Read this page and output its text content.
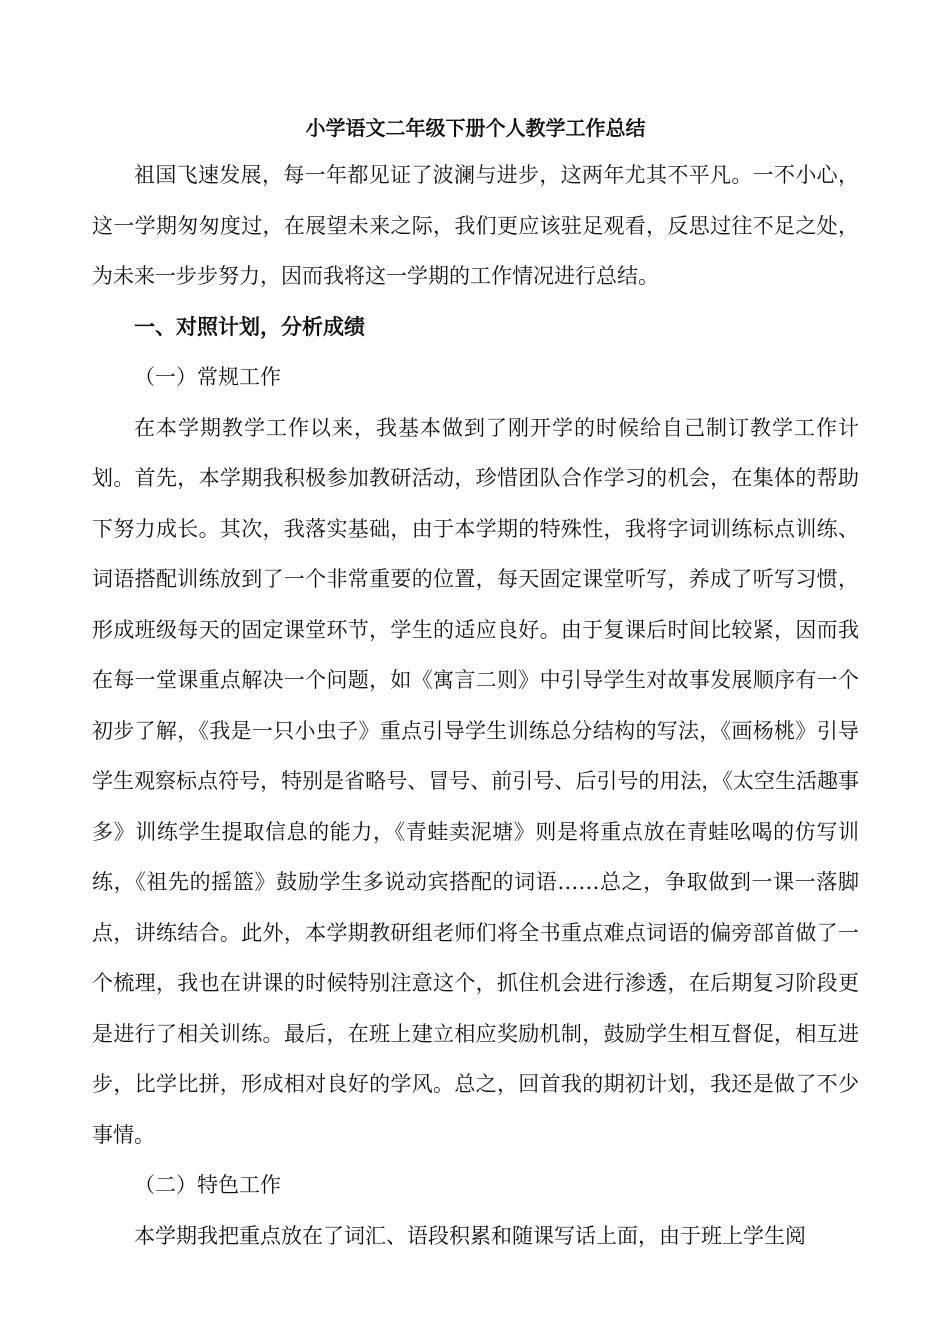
小学语文二年级下册个人教学工作总结

祖国飞速发展，每一年都见证了波澜与进步，这两年尤其不平凡。一不小心，这一学期匆匆度过，在展望未来之际，我们更应该驻足观看，反思过往不足之处，为未来一步步努力，因而我将这一学期的工作情况进行总结。

一、对照计划，分析成绩

（一）常规工作

在本学期教学工作以来，我基本做到了刚开学的时候给自己制订教学工作计划。首先，本学期我积极参加教研活动，珍惜团队合作学习的机会，在集体的帮助下努力成长。其次，我落实基础，由于本学期的特殊性，我将字词训练标点训练、词语搭配训练放到了一个非常重要的位置，每天固定课堂听写，养成了听写习惯，形成班级每天的固定课堂环节，学生的适应良好。由于复课后时间比较紧，因而我在每一堂课重点解决一个问题，如《寓言二则》中引导学生对故事发展顺序有一个初步了解，《我是一只小虫子》重点引导学生训练总分结构的写法，《画杨桃》引导学生观察标点符号，特别是省略号、冒号、前引号、后引号的用法，《太空生活趣事多》训练学生提取信息的能力，《青蛙卖泥塘》则是将重点放在青蛙吆喝的仿写训练，《祖先的摇篮》鼓励学生多说动宾搭配的词语……总之，争取做到一课一落脚点，讲练结合。此外，本学期教研组老师们将全书重点难点词语的偏旁部首做了一个梳理，我也在讲课的时候特别注意这个，抓住机会进行渗透，在后期复习阶段更是进行了相关训练。最后，在班上建立相应奖励机制，鼓励学生相互督促，相互进步，比学比拼，形成相对良好的学风。总之，回首我的期初计划，我还是做了不少事情。

（二）特色工作

本学期我把重点放在了词汇、语段积累和随课写话上面，由于班上学生阅
